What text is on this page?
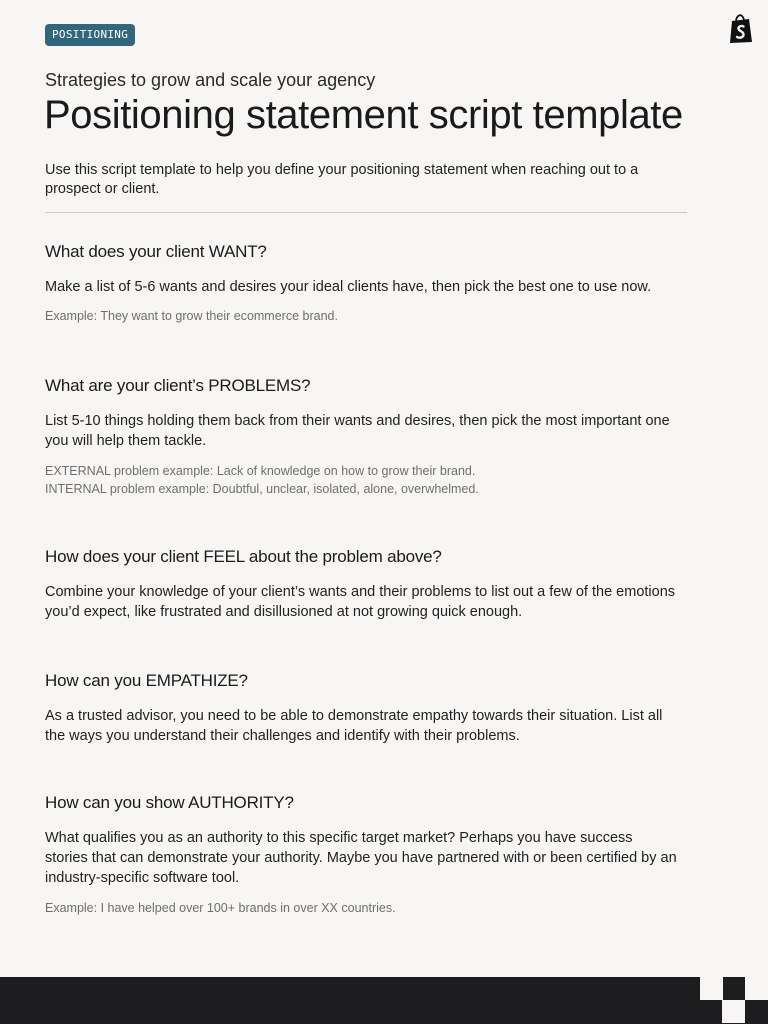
POSITIONING
Strategies to grow and scale your agency
Positioning statement script template
Use this script template to help you define your positioning statement when reaching out to a prospect or client.
What does your client WANT?
Make a list of 5-6 wants and desires your ideal clients have, then pick the best one to use now.
Example: They want to grow their ecommerce brand.
What are your client’s PROBLEMS?
List 5-10 things holding them back from their wants and desires, then pick the most important one you will help them tackle.
EXTERNAL problem example: Lack of knowledge on how to grow their brand.
INTERNAL problem example: Doubtful, unclear, isolated, alone, overwhelmed.
How does your client FEEL about the problem above?
Combine your knowledge of your client’s wants and their problems to list out a few of the emotions you’d expect, like frustrated and disillusioned at not growing quick enough.
How can you EMPATHIZE?
As a trusted advisor, you need to be able to demonstrate empathy towards their situation. List all the ways you understand their challenges and identify with their problems.
How can you show AUTHORITY?
What qualifies you as an authority to this specific target market? Perhaps you have success stories that can demonstrate your authority. Maybe you have partnered with or been certified by an industry-specific software tool.
Example: I have helped over 100+ brands in over XX countries.
